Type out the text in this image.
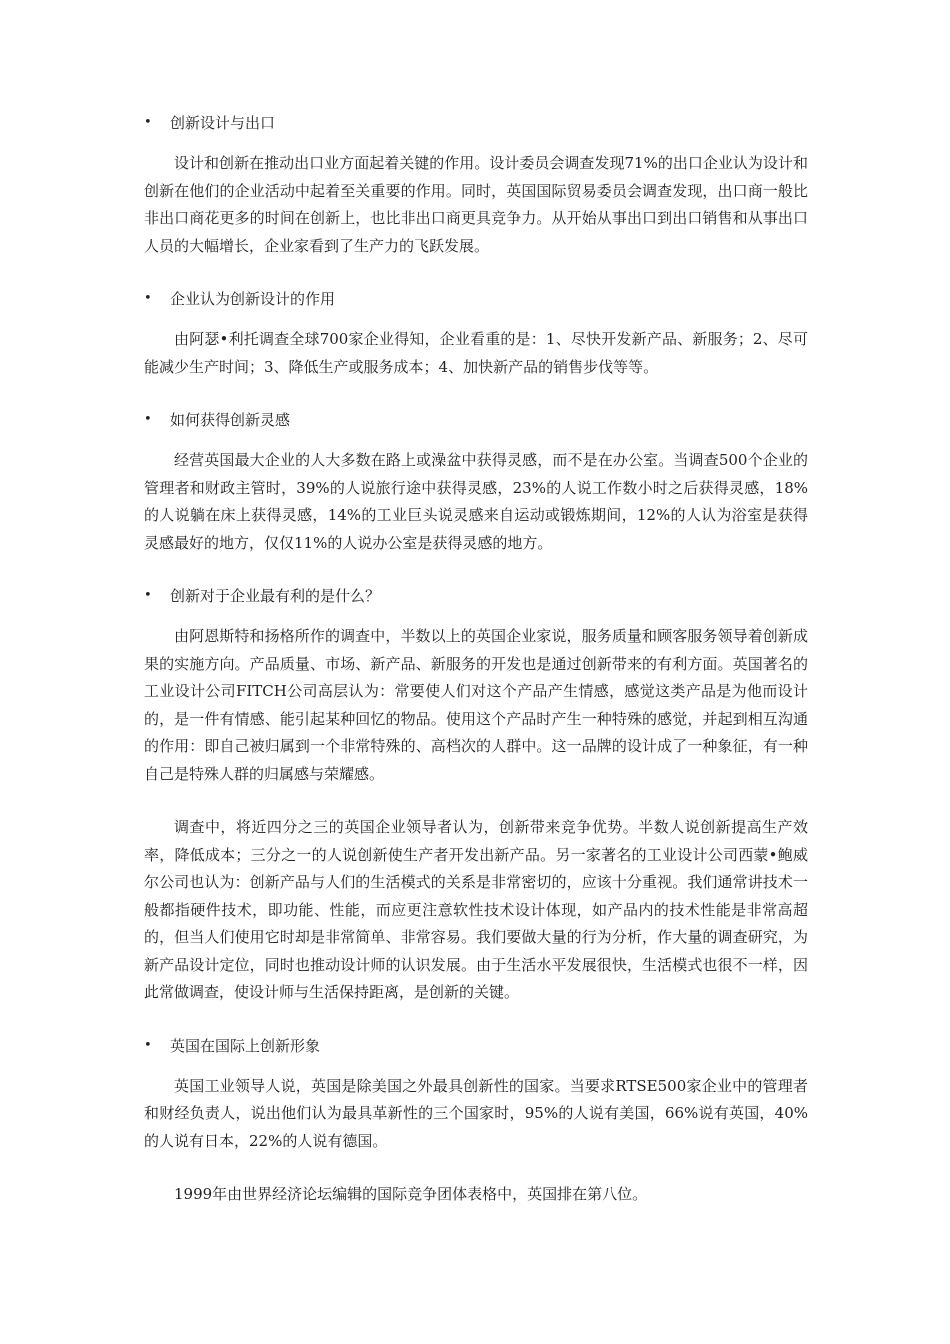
•	创新设计与出口

设计和创新在推动出口业方面起着关键的作用。设计委员会调查发现71%的出口企业认为设计和创新在他们的企业活动中起着至关重要的作用。同时，英国国际贸易委员会调查发现，出口商一般比非出口商花更多的时间在创新上，也比非出口商更具竞争力。从开始从事出口到出口销售和从事出口人员的大幅增长，企业家看到了生产力的飞跃发展。

•	企业认为创新设计的作用

由阿瑟•利托调查全球700家企业得知，企业看重的是：1、尽快开发新产品、新服务；2、尽可能减少生产时间；3、降低生产或服务成本；4、加快新产品的销售步伐等等。

•	如何获得创新灵感

经营英国最大企业的人大多数在路上或澡盆中获得灵感，而不是在办公室。当调查500个企业的管理者和财政主管时，39%的人说旅行途中获得灵感，23%的人说工作数小时之后获得灵感，18%的人说躺在床上获得灵感，14%的工业巨头说灵感来自运动或锻炼期间，12%的人认为浴室是获得灵感最好的地方，仅仅11%的人说办公室是获得灵感的地方。

•	创新对于企业最有利的是什么？

由阿恩斯特和扬格所作的调查中，半数以上的英国企业家说，服务质量和顾客服务领导着创新成果的实施方向。产品质量、市场、新产品、新服务的开发也是通过创新带来的有利方面。英国著名的工业设计公司FITCH公司高层认为：常要使人们对这个产品产生情感，感觉这类产品是为他而设计的，是一件有情感、能引起某种回忆的物品。使用这个产品时产生一种特殊的感觉，并起到相互沟通的作用：即自己被归属到一个非常特殊的、高档次的人群中。这一品牌的设计成了一种象征，有一种自己是特殊人群的归属感与荣耀感。

调查中，将近四分之三的英国企业领导者认为，创新带来竞争优势。半数人说创新提高生产效率，降低成本；三分之一的人说创新使生产者开发出新产品。另一家著名的工业设计公司西蒙•鲍威尔公司也认为：创新产品与人们的生活模式的关系是非常密切的，应该十分重视。我们通常讲技术一般都指硬件技术，即功能、性能，而应更注意软性技术设计体现，如产品内的技术性能是非常高超的，但当人们使用它时却是非常简单、非常容易。我们要做大量的行为分析，作大量的调查研究，为新产品设计定位，同时也推动设计师的认识发展。由于生活水平发展很快，生活模式也很不一样，因此常做调查，使设计师与生活保持距离，是创新的关键。

•	英国在国际上创新形象

英国工业领导人说，英国是除美国之外最具创新性的国家。当要求RTSE500家企业中的管理者和财经负责人，说出他们认为最具革新性的三个国家时，95%的人说有美国，66%说有英国，40%的人说有日本，22%的人说有德国。

1999年由世界经济论坛编辑的国际竞争团体表格中，英国排在第八位。
